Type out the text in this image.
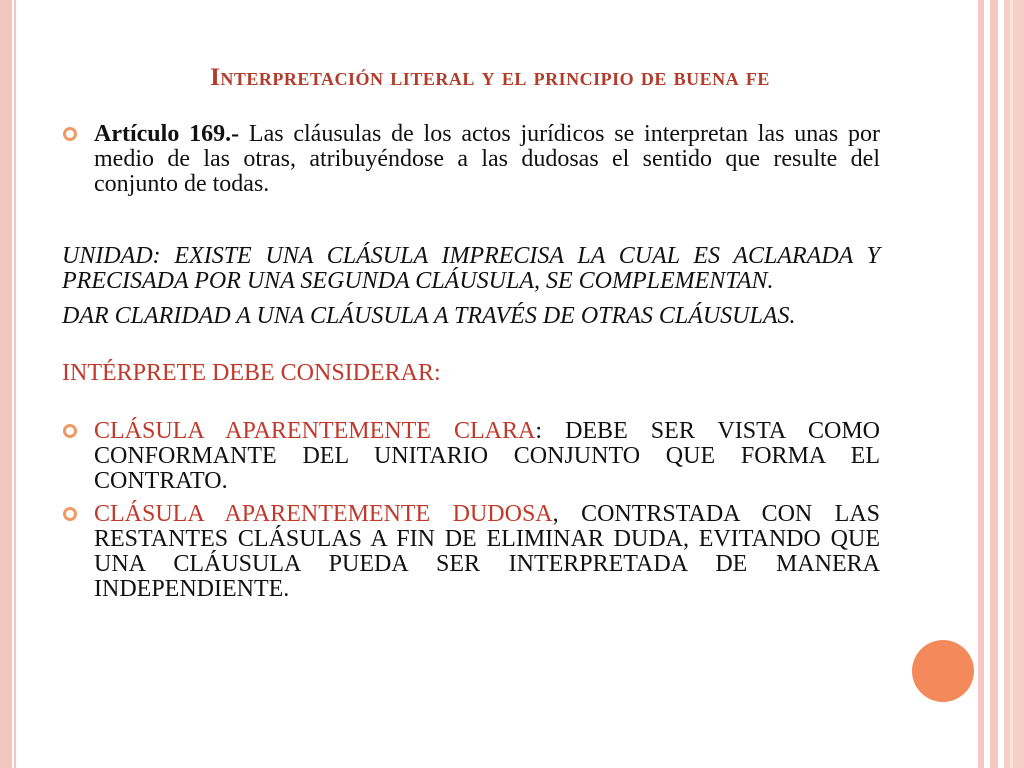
Interpretación literal y el principio de buena fe
Artículo 169.- Las cláusulas de los actos jurídicos se interpretan las unas por medio de las otras, atribuyéndose a las dudosas el sentido que resulte del conjunto de todas.
UNIDAD: EXISTE UNA CLÁSULA IMPRECISA LA CUAL ES ACLARADA Y PRECISADA POR UNA SEGUNDA CLÁUSULA, SE COMPLEMENTAN.
DAR CLARIDAD A UNA CLÁUSULA A TRAVÉS DE OTRAS CLÁUSULAS.
INTÉRPRETE DEBE CONSIDERAR:
CLÁSULA APARENTEMENTE CLARA: DEBE SER VISTA COMO CONFORMANTE DEL UNITARIO CONJUNTO QUE FORMA EL CONTRATO.
CLÁSULA APARENTEMENTE DUDOSA, CONTRSTADA CON LAS RESTANTES CLÁSULAS A FIN DE ELIMINAR DUDA, EVITANDO QUE UNA CLÁUSULA PUEDA SER INTERPRETADA DE MANERA INDEPENDIENTE.
